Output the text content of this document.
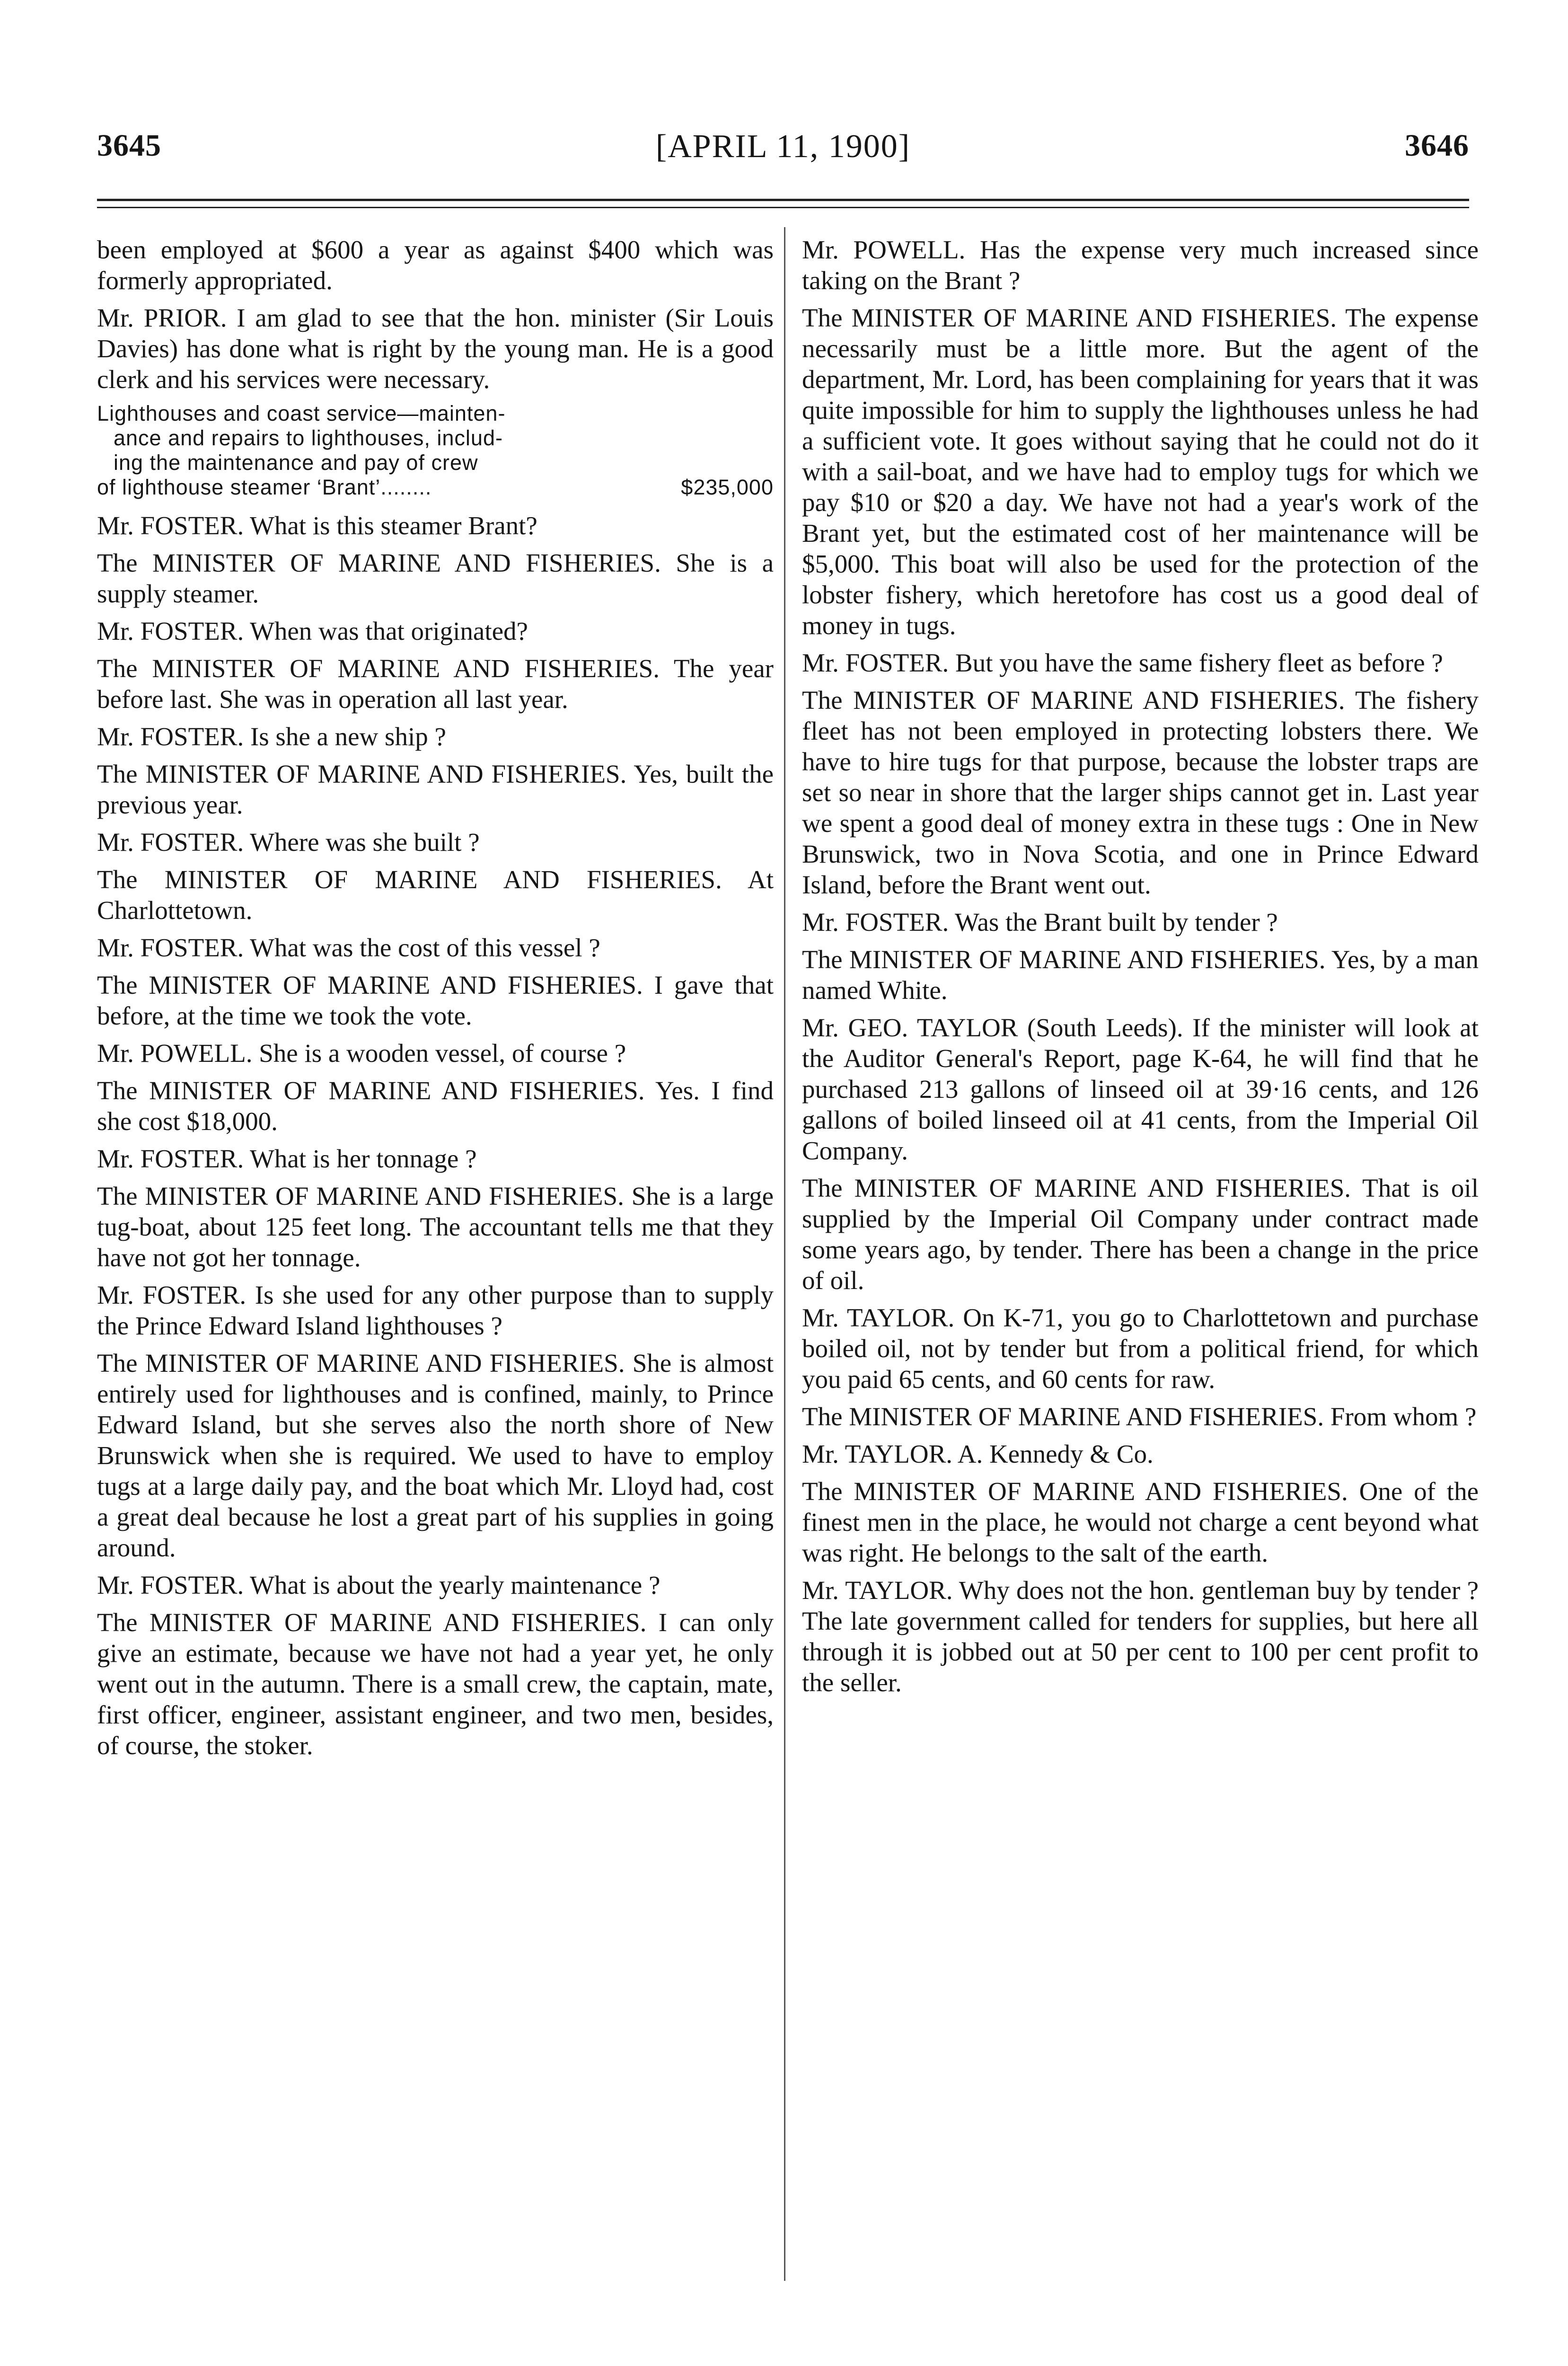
3645	[APRIL 11, 1900]	3646

been employed at $600 a year as against $400 which was formerly appropriated.

Mr. PRIOR. I am glad to see that the hon. minister (Sir Louis Davies) has done what is right by the young man. He is a good clerk and his services were necessary.

Lighthouses and coast service—mainten-

ance and repairs to lighthouses, includ-
ing the maintenance and pay of crew
of lighthouse steamer ‘Brant’........	$235,000

Mr. FOSTER. What is this steamer Brant?

The MINISTER OF MARINE AND FISHERIES. She is a supply steamer.

Mr. FOSTER. When was that originated?

The MINISTER OF MARINE AND FISHERIES. The year before last. She was in operation all last year.

Mr. FOSTER. Is she a new ship ?

The MINISTER OF MARINE AND FISHERIES. Yes, built the previous year.

Mr. FOSTER. Where was she built ?

The MINISTER OF MARINE AND FISHERIES. At Charlottetown.

Mr. FOSTER. What was the cost of this vessel ?

The MINISTER OF MARINE AND FISHERIES. I gave that before, at the time we took the vote.

Mr. POWELL. She is a wooden vessel, of course ?

The MINISTER OF MARINE AND FISHERIES. Yes. I find she cost $18,000.

Mr. FOSTER. What is her tonnage ?

The MINISTER OF MARINE AND FISHERIES. She is a large tug-boat, about 125 feet long. The accountant tells me that they have not got her tonnage.

Mr. FOSTER. Is she used for any other purpose than to supply the Prince Edward Island lighthouses ?

The MINISTER OF MARINE AND FISHERIES. She is almost entirely used for lighthouses and is confined, mainly, to Prince Edward Island, but she serves also the north shore of New Brunswick when she is required. We used to have to employ tugs at a large daily pay, and the boat which Mr. Lloyd had, cost a great deal because he lost a great part of his supplies in going around.

Mr. FOSTER. What is about the yearly maintenance ?

The MINISTER OF MARINE AND FISHERIES. I can only give an estimate, because we have not had a year yet, he only went out in the autumn. There is a small crew, the captain, mate, first officer, engineer, assistant engineer, and two men, besides, of course, the stoker.

Mr. POWELL. Has the expense very much increased since taking on the Brant ?

The MINISTER OF MARINE AND FISHERIES. The expense necessarily must be a little more. But the agent of the department, Mr. Lord, has been complaining for years that it was quite impossible for him to supply the lighthouses unless he had a sufficient vote. It goes without saying that he could not do it with a sail-boat, and we have had to employ tugs for which we pay $10 or $20 a day. We have not had a year's work of the Brant yet, but the estimated cost of her maintenance will be $5,000. This boat will also be used for the protection of the lobster fishery, which heretofore has cost us a good deal of money in tugs.

Mr. FOSTER. But you have the same fishery fleet as before ?

The MINISTER OF MARINE AND FISHERIES. The fishery fleet has not been employed in protecting lobsters there. We have to hire tugs for that purpose, because the lobster traps are set so near in shore that the larger ships cannot get in. Last year we spent a good deal of money extra in these tugs : One in New Brunswick, two in Nova Scotia, and one in Prince Edward Island, before the Brant went out.

Mr. FOSTER. Was the Brant built by tender ?

The MINISTER OF MARINE AND FISHERIES. Yes, by a man named White.

Mr. GEO. TAYLOR (South Leeds). If the minister will look at the Auditor General's Report, page K-64, he will find that he purchased 213 gallons of linseed oil at 39·16 cents, and 126 gallons of boiled linseed oil at 41 cents, from the Imperial Oil Company.

The MINISTER OF MARINE AND FISHERIES. That is oil supplied by the Imperial Oil Company under contract made some years ago, by tender. There has been a change in the price of oil.

Mr. TAYLOR. On K-71, you go to Charlottetown and purchase boiled oil, not by tender but from a political friend, for which you paid 65 cents, and 60 cents for raw.

The MINISTER OF MARINE AND FISHERIES. From whom ?

Mr. TAYLOR. A. Kennedy & Co.

The MINISTER OF MARINE AND FISHERIES. One of the finest men in the place, he would not charge a cent beyond what was right. He belongs to the salt of the earth.

Mr. TAYLOR. Why does not the hon. gentleman buy by tender ? The late government called for tenders for supplies, but here all through it is jobbed out at 50 per cent to 100 per cent profit to the seller.
